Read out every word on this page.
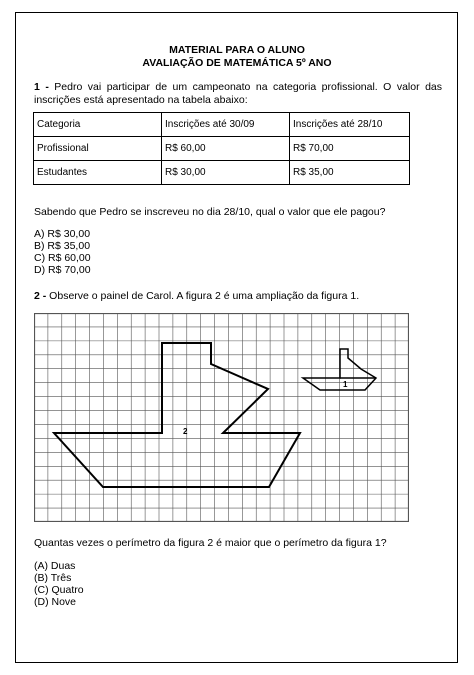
MATERIAL PARA O ALUNO
AVALIAÇÃO DE MATEMÁTICA 5º ANO
1 - Pedro vai participar de um campeonato na categoria profissional. O valor das inscrições está apresentado na tabela abaixo:
Categoria	Inscrições até 30/09	Inscrições até 28/10
Profissional	R$ 60,00	R$ 70,00
Estudantes	R$ 30,00	R$ 35,00
Sabendo que Pedro se inscreveu no dia 28/10, qual o valor que ele pagou?
A) R$ 30,00
B) R$ 35,00
C) R$ 60,00
D) R$ 70,00
2 - Observe o painel de Carol. A figura 2 é uma ampliação da figura 1.
1
2
Quantas vezes o perímetro da figura 2 é maior que o perímetro da figura 1?
(A) Duas
(B) Três
(C) Quatro
(D) Nove
